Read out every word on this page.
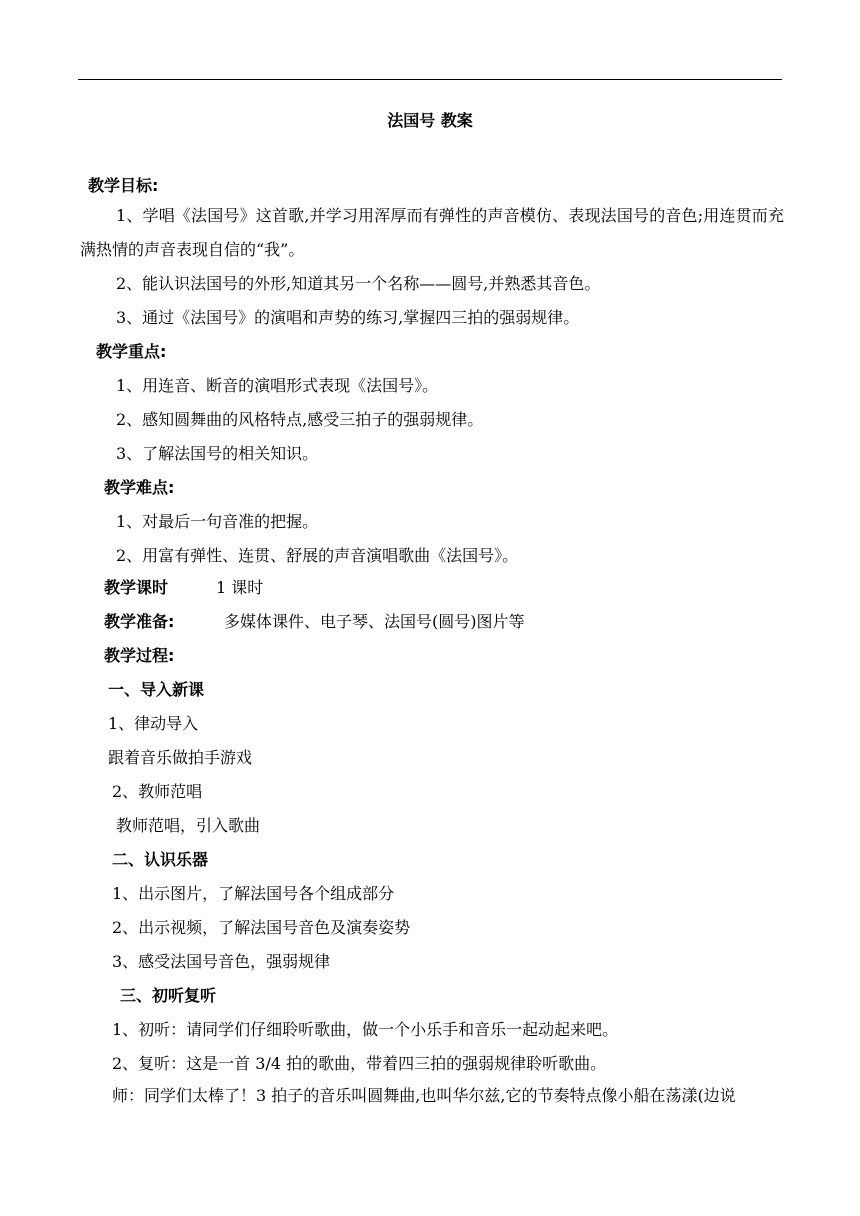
法国号 教案
教学目标:
1、学唱《法国号》这首歌,并学习用浑厚而有弹性的声音模仿、表现法国号的音色;用连贯而充满热情的声音表现自信的“我”。
2、能认识法国号的外形,知道其另一个名称——圆号,并熟悉其音色。
3、通过《法国号》的演唱和声势的练习,掌握四三拍的强弱规律。
教学重点:
1、用连音、断音的演唱形式表现《法国号》。
2、感知圆舞曲的风格特点,感受三拍子的强弱规律。
3、了解法国号的相关知识。
教学难点:
1、对最后一句音准的把握。
2、用富有弹性、连贯、舒展的声音演唱歌曲《法国号》。
教学课时	1 课时
教学准备:	多媒体课件、电子琴、法国号(圆号)图片等
教学过程:
一、导入新课
1、律动导入
跟着音乐做拍手游戏
2、教师范唱
教师范唱，引入歌曲
二、认识乐器
1、出示图片，了解法国号各个组成部分
2、出示视频，了解法国号音色及演奏姿势
3、感受法国号音色，强弱规律
三、初听复听
1、初听：请同学们仔细聆听歌曲，做一个小乐手和音乐一起动起来吧。
2、复听：这是一首 3/4 拍的歌曲，带着四三拍的强弱规律聆听歌曲。
师：同学们太棒了！3 拍子的音乐叫圆舞曲,也叫华尔兹,它的节奏特点像小船在荡漾(边说
